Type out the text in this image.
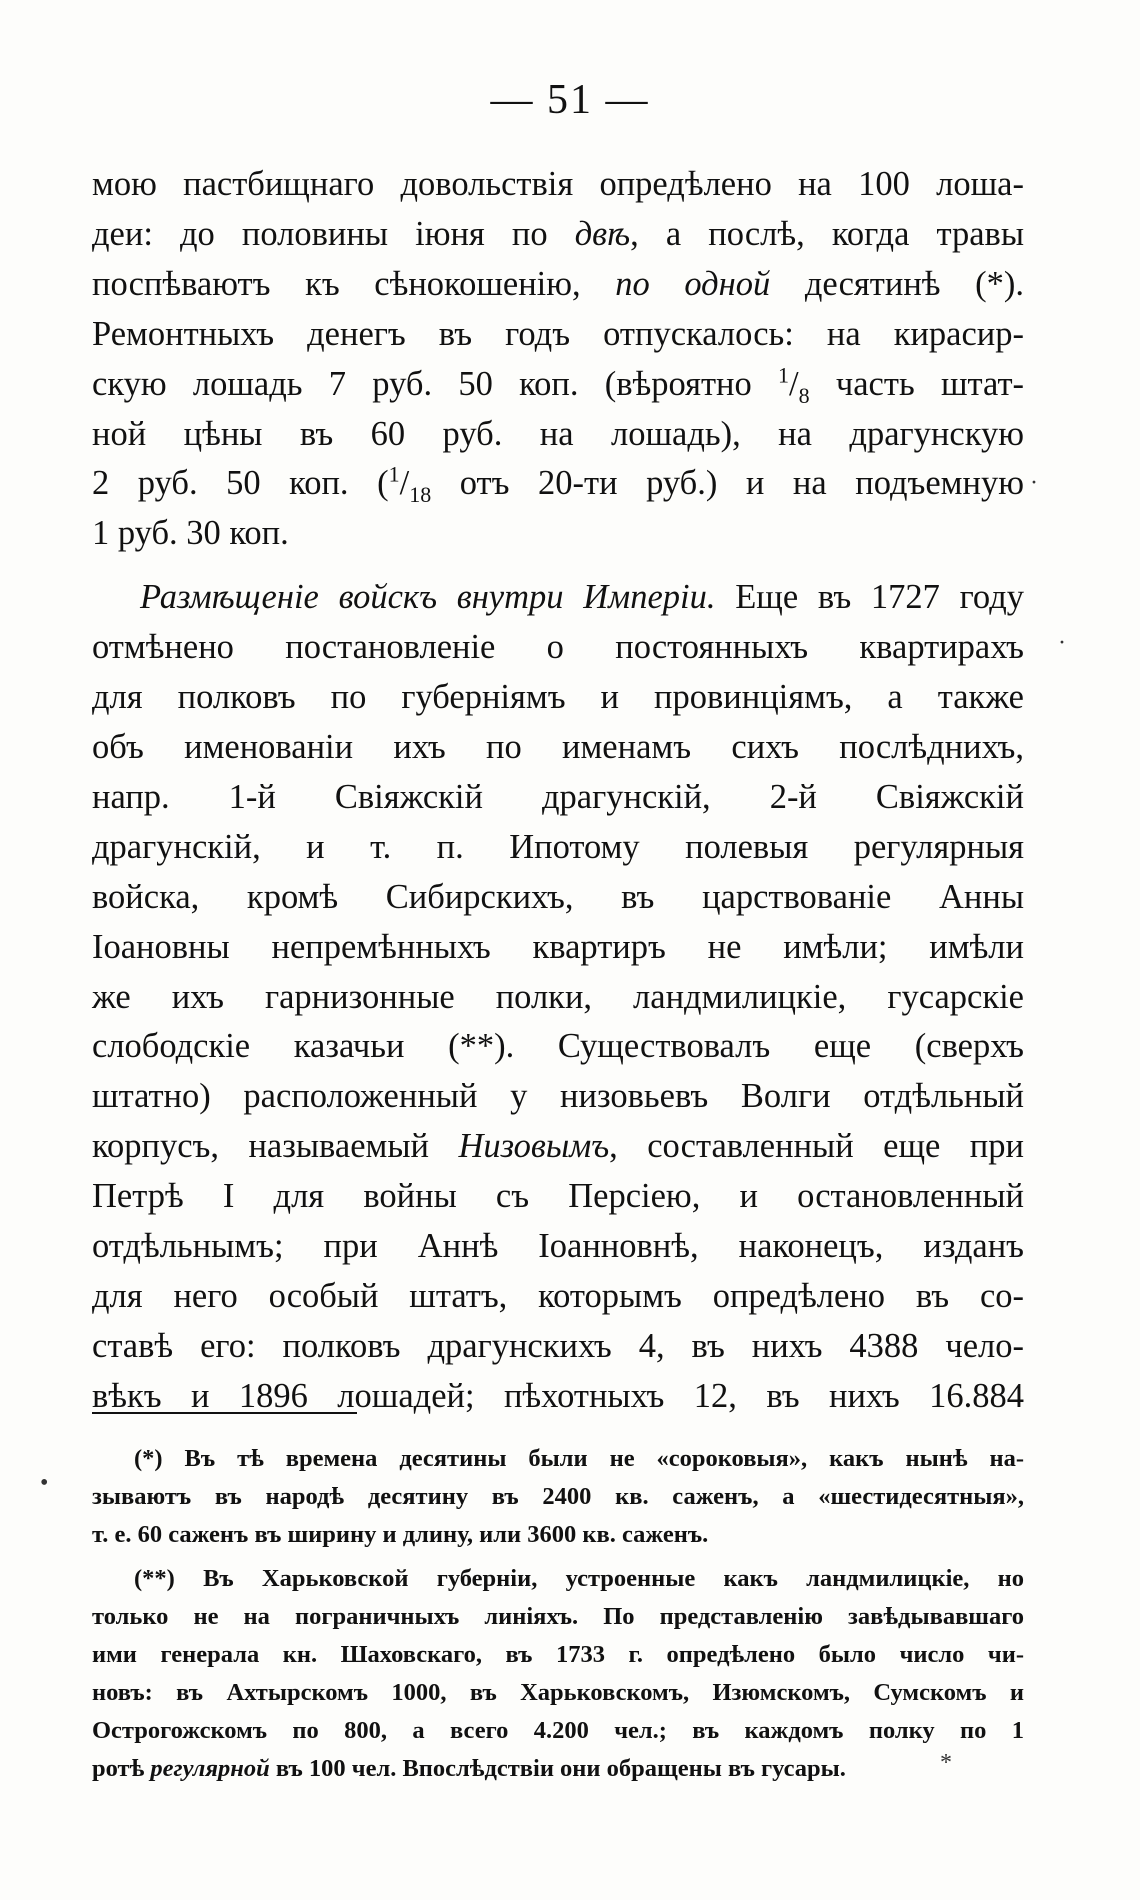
— 51 —
мою пастбищнаго довольствія опредѣлено на 100 лоша-
деи: до половины іюня по двѣ, а послѣ, когда травы
поспѣваютъ къ сѣнокошенію, по одной десятинѣ (*).
Ремонтныхъ денегъ въ годъ отпускалось: на кирасир-
скую лошадь 7 руб. 50 коп. (вѣроятно $^1/_8$ часть штат-
ной цѣны въ 60 руб. на лошадь), на драгунскую
2 руб. 50 коп. ($^1/_{18}$ отъ 20-ти руб.) и на подъемную
1 руб. 30 коп.
Размѣщеніе войскъ внутри Имперіи. Еще въ 1727 году
отмѣнено постановленіе о постоянныхъ квартирахъ
для полковъ по губерніямъ и провинціямъ, а также
объ именованіи ихъ по именамъ сихъ послѣднихъ,
напр. 1-й Свіяжскій драгунскій, 2-й Свіяжскій
драгунскій, и т. п. Ипотому полевыя регулярныя
войска, кромѣ Сибирскихъ, въ царствованіе Анны
Іоановны непремѣнныхъ квартиръ не имѣли; имѣли
же ихъ гарнизонные полки, ландмилицкіе, гусарскіе
слободскіе казачьи (**). Существовалъ еще (сверхъ
штатно) расположенный у низовьевъ Волги отдѣльный
корпусъ, называемый Низовымъ, составленный еще при
Петрѣ I для войны съ Персіею, и остановленный
отдѣльнымъ; при Аннѣ Іоанновнѣ, наконецъ, изданъ
для него особый штатъ, которымъ опредѣлено въ со-
ставѣ его: полковъ драгунскихъ 4, въ нихъ 4388 чело-
вѣкъ и 1896 лошадей; пѣхотныхъ 12, въ нихъ 16.884
(*) Въ тѣ времена десятины были не «сороковыя», какъ нынѣ на-
зываютъ въ народѣ десятину въ 2400 кв. саженъ, а «шестидесятныя»,
т. е. 60 саженъ въ ширину и длину, или 3600 кв. саженъ.
(**) Въ Харьковской губерніи, устроенные какъ ландмилицкіе, но
только не на пограничныхъ линіяхъ. По представленію завѣдывавшаго
ими генерала кн. Шаховскаго, въ 1733 г. опредѣлено было число чи-
новъ: въ Ахтырскомъ 1000, въ Харьковскомъ, Изюмскомъ, Сумскомъ и
Острогожскомъ по 800, а всего 4.200 чел.; въ каждомъ полку по 1
ротѣ регулярной въ 100 чел. Впослѣдствіи они обращены въ гусары.
·
·
•
*
